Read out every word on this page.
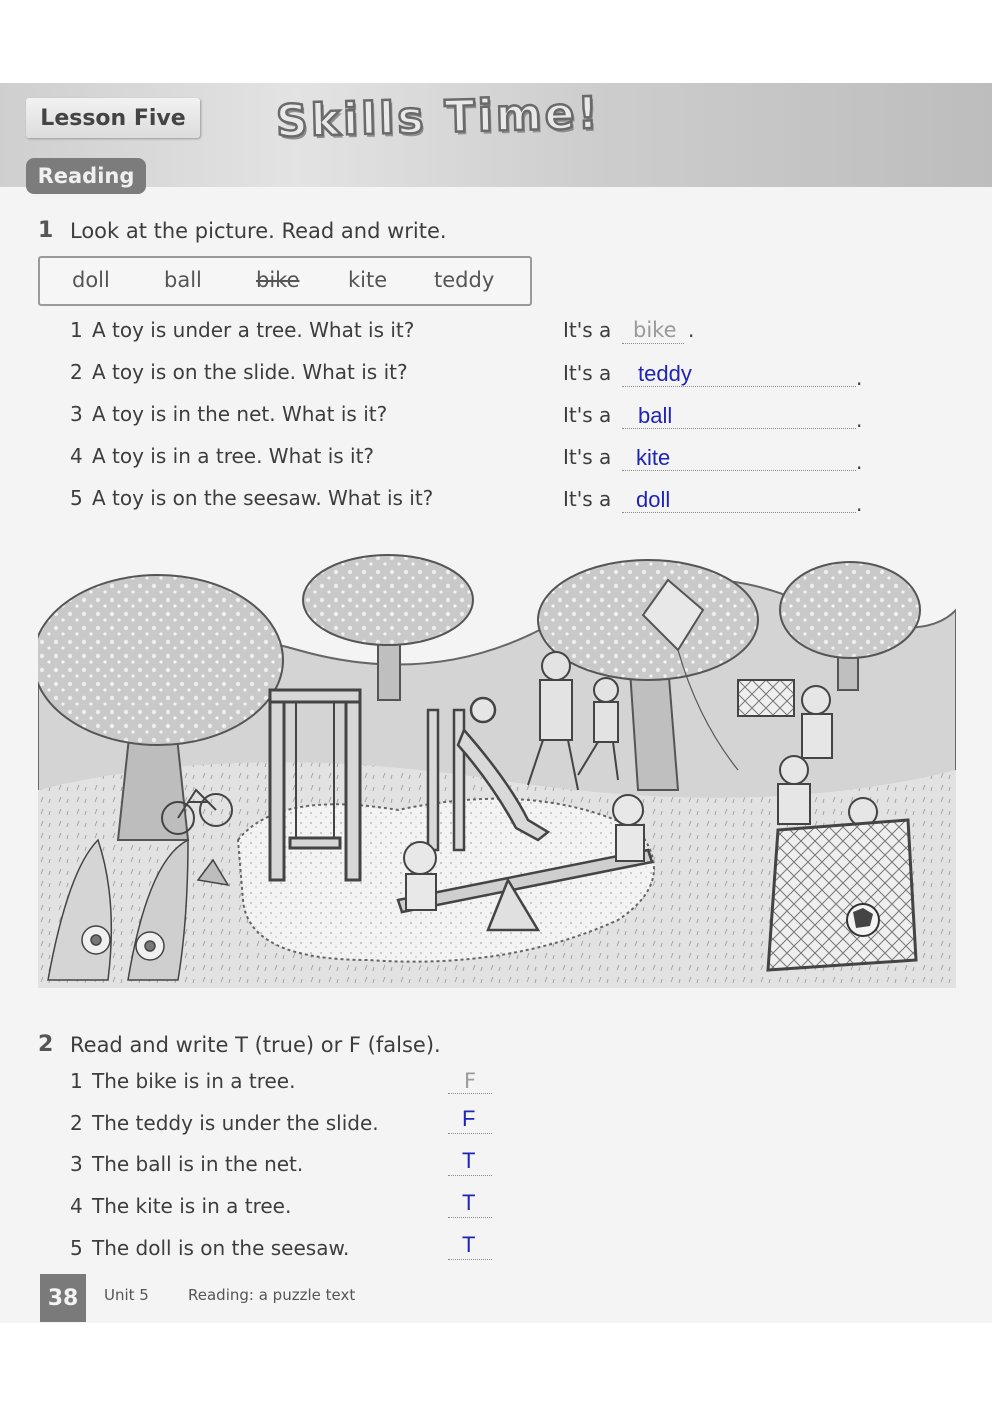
Lesson Five	Skills Time!
Reading
1 Look at the picture. Read and write.
doll	ball	bike kite teddy
1 A toy is under a tree. What is it?	It's a bike .
2 A toy is on the slide. What is it?	It's a teddy	.
3 A toy is in the net. What is it?	It's a ball	.
4 A toy is in a tree. What is it?	It's a kite	.
5 A toy is on the seesaw. What is it?	It's a doll	.
2 Read and write T (true) or F (false).
1 The bike is in a tree.	F
2 The teddy is under the slide.	F
3 The ball is in the net.	T
4 The kite is in a tree.	T
5 The doll is on the seesaw.	T
38	Unit 5	Reading: a puzzle text
